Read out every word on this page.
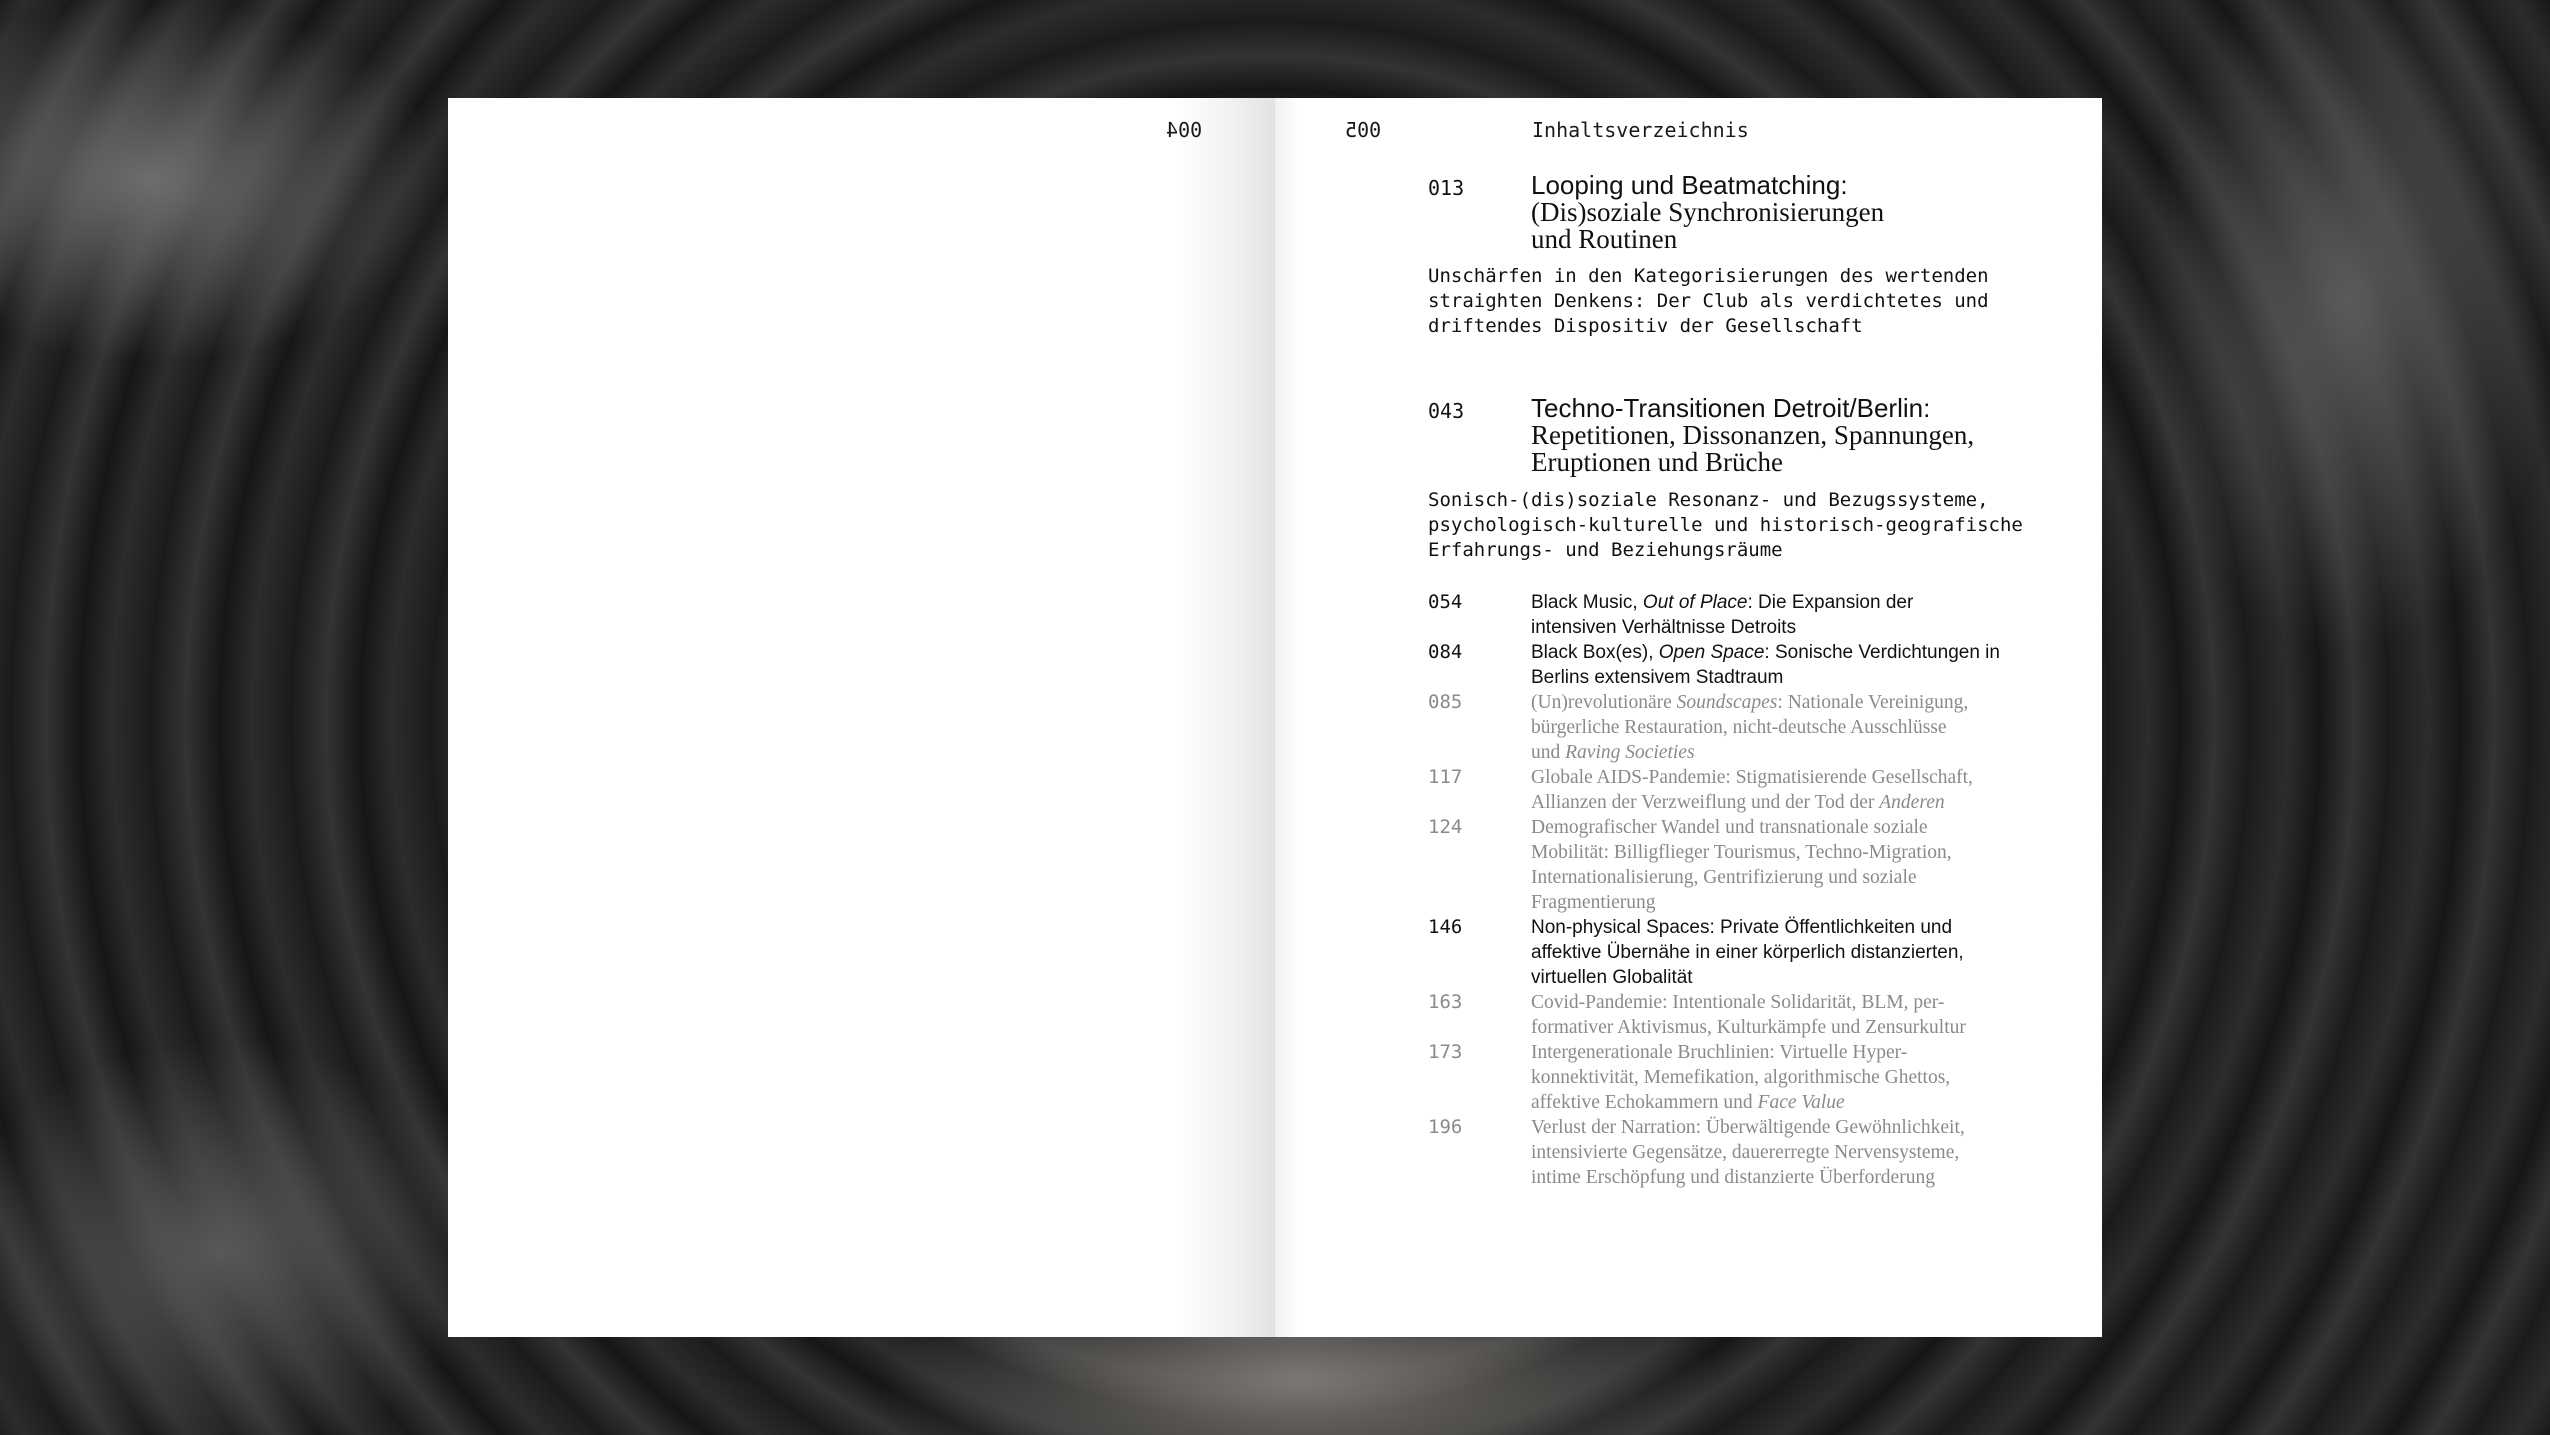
004	005	Inhaltsverzeichnis
013	Looping und Beatmatching:
(Dis)soziale Synchronisierungen
und Routinen
Unschärfen in den Kategorisierungen des wertenden
straighten Denkens: Der Club als verdichtetes und
driftendes Dispositiv der Gesellschaft
043	Techno-Transitionen Detroit/Berlin:
Repetitionen, Dissonanzen, Spannungen,
Eruptionen und Brüche
Sonisch-(dis)soziale Resonanz- und Bezugssysteme,
psychologisch-kulturelle und historisch-geografische
Erfahrungs- und Beziehungsräume
054	Black Music, Out of Place: Die Expansion der
intensiven Verhältnisse Detroits
084	Black Box(es), Open Space: Sonische Verdichtungen in
Berlins extensivem Stadtraum
085	(Un)revolutionäre Soundscapes: Nationale Vereinigung,
bürgerliche Restauration, nicht-deutsche Ausschlüsse
und Raving Societies
117	Globale AIDS-Pandemie: Stigmatisierende Gesellschaft,
Allianzen der Verzweiflung und der Tod der Anderen
124	Demografischer Wandel und transnationale soziale
Mobilität: Billigflieger Tourismus, Techno-Migration,
Internationalisierung, Gentrifizierung und soziale
Fragmentierung
146	Non-physical Spaces: Private Öffentlichkeiten und
affektive Übernähe in einer körperlich distanzierten,
virtuellen Globalität
163	Covid-Pandemie: Intentionale Solidarität, BLM, per-
formativer Aktivismus, Kulturkämpfe und Zensurkultur
173	Intergenerationale Bruchlinien: Virtuelle Hyper-
konnektivität, Memefikation, algorithmische Ghettos,
affektive Echokammern und Face Value
196	Verlust der Narration: Überwältigende Gewöhnlichkeit,
intensivierte Gegensätze, dauererregte Nervensysteme,
intime Erschöpfung und distanzierte Überforderung
